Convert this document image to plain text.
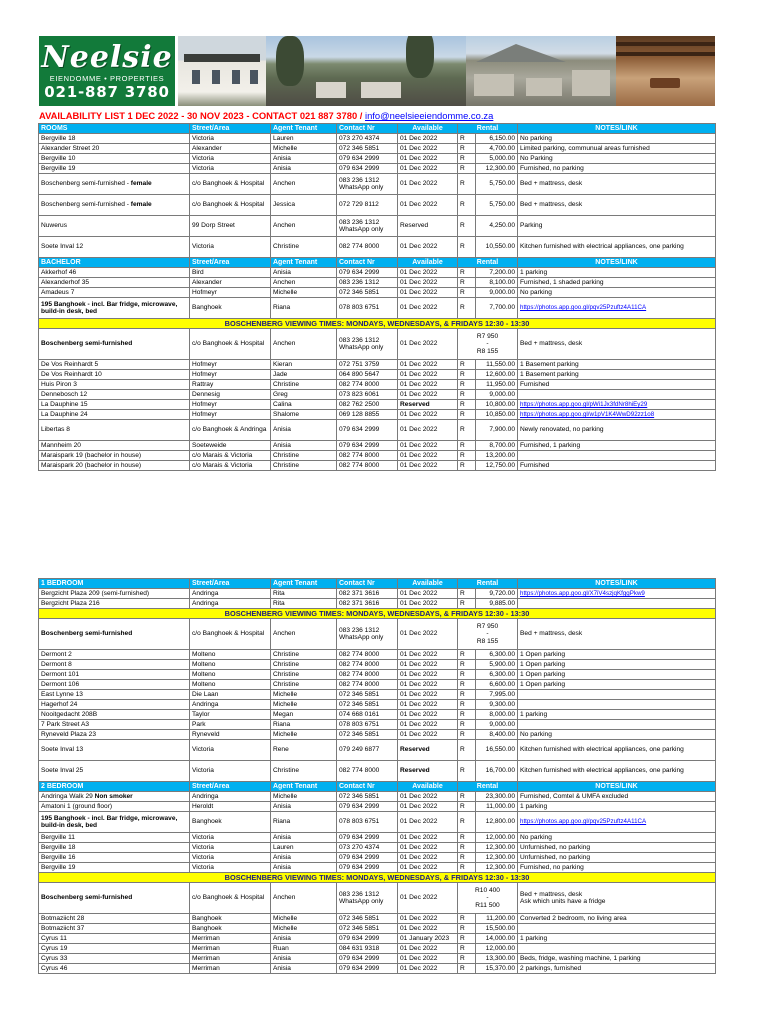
Neelsie
EIENDOMME • PROPERTIES
021-887 3780
AVAILABILITY LIST 1 DEC 2022 - 30 NOV 2023 - CONTACT 021 887 3780 / info@neelsieeiendomme.co.za
ROOMS	Street/Area	Agent Tenant	Contact Nr	Available	Rental		NOTES/LINK
Bergville 18	Victoria	Lauren	073 270 4374	01 Dec 2022	R	6,150.00	No parking
Alexander Street 20	Alexander	Michelle	072 346 5851	01 Dec 2022	R	4,700.00	Limited parking, communual areas furnished
Bergville 10	Victoria	Anisia	079 634 2999	01 Dec 2022	R	5,000.00	No Parking
Bergville 19	Victoria	Anisia	079 634 2999	01 Dec 2022	R	12,300.00	Furnished, no parking
Boschenberg semi-furnished - female	c/o Banghoek & Hospital	Anchen	083 236 1312
WhatsApp only	01 Dec 2022	R	5,750.00	Bed + mattress, desk
Boschenberg semi-furnished - female	c/o Banghoek & Hospital	Jessica	072 729 8112	01 Dec 2022	R	5,750.00	Bed + mattress, desk
Nuwerus	99 Dorp Street	Anchen	083 236 1312
WhatsApp only	Reserved	R	4,250.00	Parking
Soete Inval 12	Victoria	Christine	082 774 8000	01 Dec 2022	R	10,550.00	Kitchen furnished with electrical appliances, one parking
BACHELOR	Street/Area	Agent Tenant	Contact Nr	Available	Rental		NOTES/LINK
Akkerhof 46	Bird	Anisia	079 634 2999	01 Dec 2022	R	7,200.00	1 parking
Alexanderhof 35	Alexander	Anchen	083 236 1312	01 Dec 2022	R	8,100.00	Furnished, 1 shaded parking
Amadeus 7	Hofmeyr	Michelle	072 346 5851	01 Dec 2022	R	9,000.00	No parking
195 Banghoek - incl. Bar fridge, microwave, build-in desk, bed	Banghoek	Riana	078 803 6751	01 Dec 2022	R	7,700.00	https://photos.app.goo.gl/pqv25Pzuftz4A11CA
BOSCHENBERG VIEWING TIMES: MONDAYS, WEDNESDAYS, & FRIDAYS 12:30 - 13:30							
Boschenberg semi-furnished	c/o Banghoek & Hospital	Anchen	083 236 1312
WhatsApp only	01 Dec 2022	R7 950
-
R8 155		Bed + mattress, desk
De Vos Reinhardt 5	Hofmeyr	Kieran	072 751 3759	01 Dec 2022	R	11,550.00	1 Basement parking
De Vos Reinhardt 10	Hofmeyr	Jade	064 890 5647	01 Dec 2022	R	12,600.00	1 Basement parking
Huis Piron 3	Rattray	Christine	082 774 8000	01 Dec 2022	R	11,950.00	Furnished
Dennebosch 12	Dennesig	Greg	073 823 6061	01 Dec 2022	R	9,000.00	
La Dauphine 15	Hofmeyr	Calina	082 762 2500	Reserved	R	10,800.00	https://photos.app.goo.gl/pWi1Jx3fdNr8hiEy29
La Dauphine 24	Hofmeyr	Shalome	069 128 8855	01 Dec 2022	R	10,850.00	https://photos.app.goo.gl/w1pV1K4WwD92zz1o8
Libertas 8	c/o Banghoek & Andringa	Anisia	079 634 2999	01 Dec 2022	R	7,900.00	Newly renovated, no parking
Mannheim 20	Soeteweide	Anisia	079 634 2999	01 Dec 2022	R	8,700.00	Furnished, 1 parking
Maraispark 19 (bachelor in house)	c/o Marais & Victoria	Christine	082 774 8000	01 Dec 2022	R	13,200.00	
Maraispark 20 (bachelor in house)	c/o Marais & Victoria	Christine	082 774 8000	01 Dec 2022	R	12,750.00	Furnished
1 BEDROOM	Street/Area	Agent Tenant	Contact Nr	Available	Rental		NOTES/LINK
Bergzicht Plaza 209 (semi-furnished)	Andringa	Rita	082 371 3616	01 Dec 2022	R	9,720.00	https://photos.app.goo.gl/X7iV4szjqKfggPkw9
Bergzicht Plaza 216	Andringa	Rita	082 371 3616	01 Dec 2022	R	9,885.00	
BOSCHENBERG VIEWING TIMES: MONDAYS, WEDNESDAYS, & FRIDAYS 12:30 - 13:30							
Boschenberg semi-furnished	c/o Banghoek & Hospital	Anchen	083 236 1312
WhatsApp only	01 Dec 2022	R7 950
-
R8 155		Bed + mattress, desk
Dermont 2	Molteno	Christine	082 774 8000	01 Dec 2022	R	6,300.00	1 Open parking
Dermont 8	Molteno	Christine	082 774 8000	01 Dec 2022	R	5,900.00	1 Open parking
Dermont 101	Molteno	Christine	082 774 8000	01 Dec 2022	R	6,300.00	1 Open parking
Dermont 106	Molteno	Christine	082 774 8000	01 Dec 2022	R	6,600.00	1 Open parking
East Lynne 13	Die Laan	Michelle	072 346 5851	01 Dec 2022	R	7,995.00	
Hagerhof 24	Andringa	Michelle	072 346 5851	01 Dec 2022	R	9,300.00	
Nooitgedacht 208B	Taylor	Megan	074 668 0161	01 Dec 2022	R	8,000.00	1 parking
7 Park Street A3	Park	Riana	078 803 6751	01 Dec 2022	R	9,000.00	
Ryneveld Plaza 23	Ryneveld	Michelle	072 346 5851	01 Dec 2022	R	8,400.00	No parking
Soete Inval 13	Victoria	Rene	079 249 6877	Reserved	R	16,550.00	Kitchen furnished with electrical appliances, one parking
Soete Inval 25	Victoria	Christine	082 774 8000	Reserved	R	16,700.00	Kitchen furnished with electrical appliances, one parking
2 BEDROOM	Street/Area	Agent Tenant	Contact Nr	Available	Rental		NOTES/LINK
Andringa Walk 29 Non smoker	Andringa	Michelle	072 346 5851	01 Dec 2022	R	23,300.00	Furnished, Comtel & UMFA excluded
Amatoni 1 (ground floor)	Heroldt	Anisia	079 634 2999	01 Dec 2022	R	11,000.00	1 parking
195 Banghoek - incl. Bar fridge, microwave, build-in desk, bed	Banghoek	Riana	078 803 6751	01 Dec 2022	R	12,800.00	https://photos.app.goo.gl/pqv25Pzuftz4A11CA
Bergville 11	Victoria	Anisia	079 634 2999	01 Dec 2022	R	12,000.00	No parking
Bergville 18	Victoria	Lauren	073 270 4374	01 Dec 2022	R	12,300.00	Unfurnished, no parking
Bergville 16	Victoria	Anisia	079 634 2999	01 Dec 2022	R	12,300.00	Unfurnished, no parking
Bergville 19	Victoria	Anisia	079 634 2999	01 Dec 2022	R	12,300.00	Furnished, no parking
BOSCHENBERG VIEWING TIMES: MONDAYS, WEDNESDAYS, & FRIDAYS 12:30 - 13:30							
Boschenberg semi-furnished	c/o Banghoek & Hospital	Anchen	083 236 1312
WhatsApp only	01 Dec 2022	R10 400
-
R11 500		Bed + mattress, desk
Ask which units have a fridge

Botmaziicht 28	Banghoek	Michelle	072 346 5851	01 Dec 2022	R	11,200.00	Converted 2 bedroom, no living area
Botmaziicht 37	Banghoek	Michelle	072 346 5851	01 Dec 2022	R	15,500.00	
Cyrus 11	Merriman	Anisia	079 634 2999	01 January 2023	R	14,000.00	1 parking
Cyrus 19	Merriman	Ruan	084 631 9318	01 Dec 2022	R	12,000.00	
Cyrus 33	Merriman	Anisia	079 634 2999	01 Dec 2022	R	13,300.00	Beds, fridge, washing machine, 1 parking
Cyrus 46	Merriman	Anisia	079 634 2999	01 Dec 2022	R	15,370.00	2 parkings, furnished
